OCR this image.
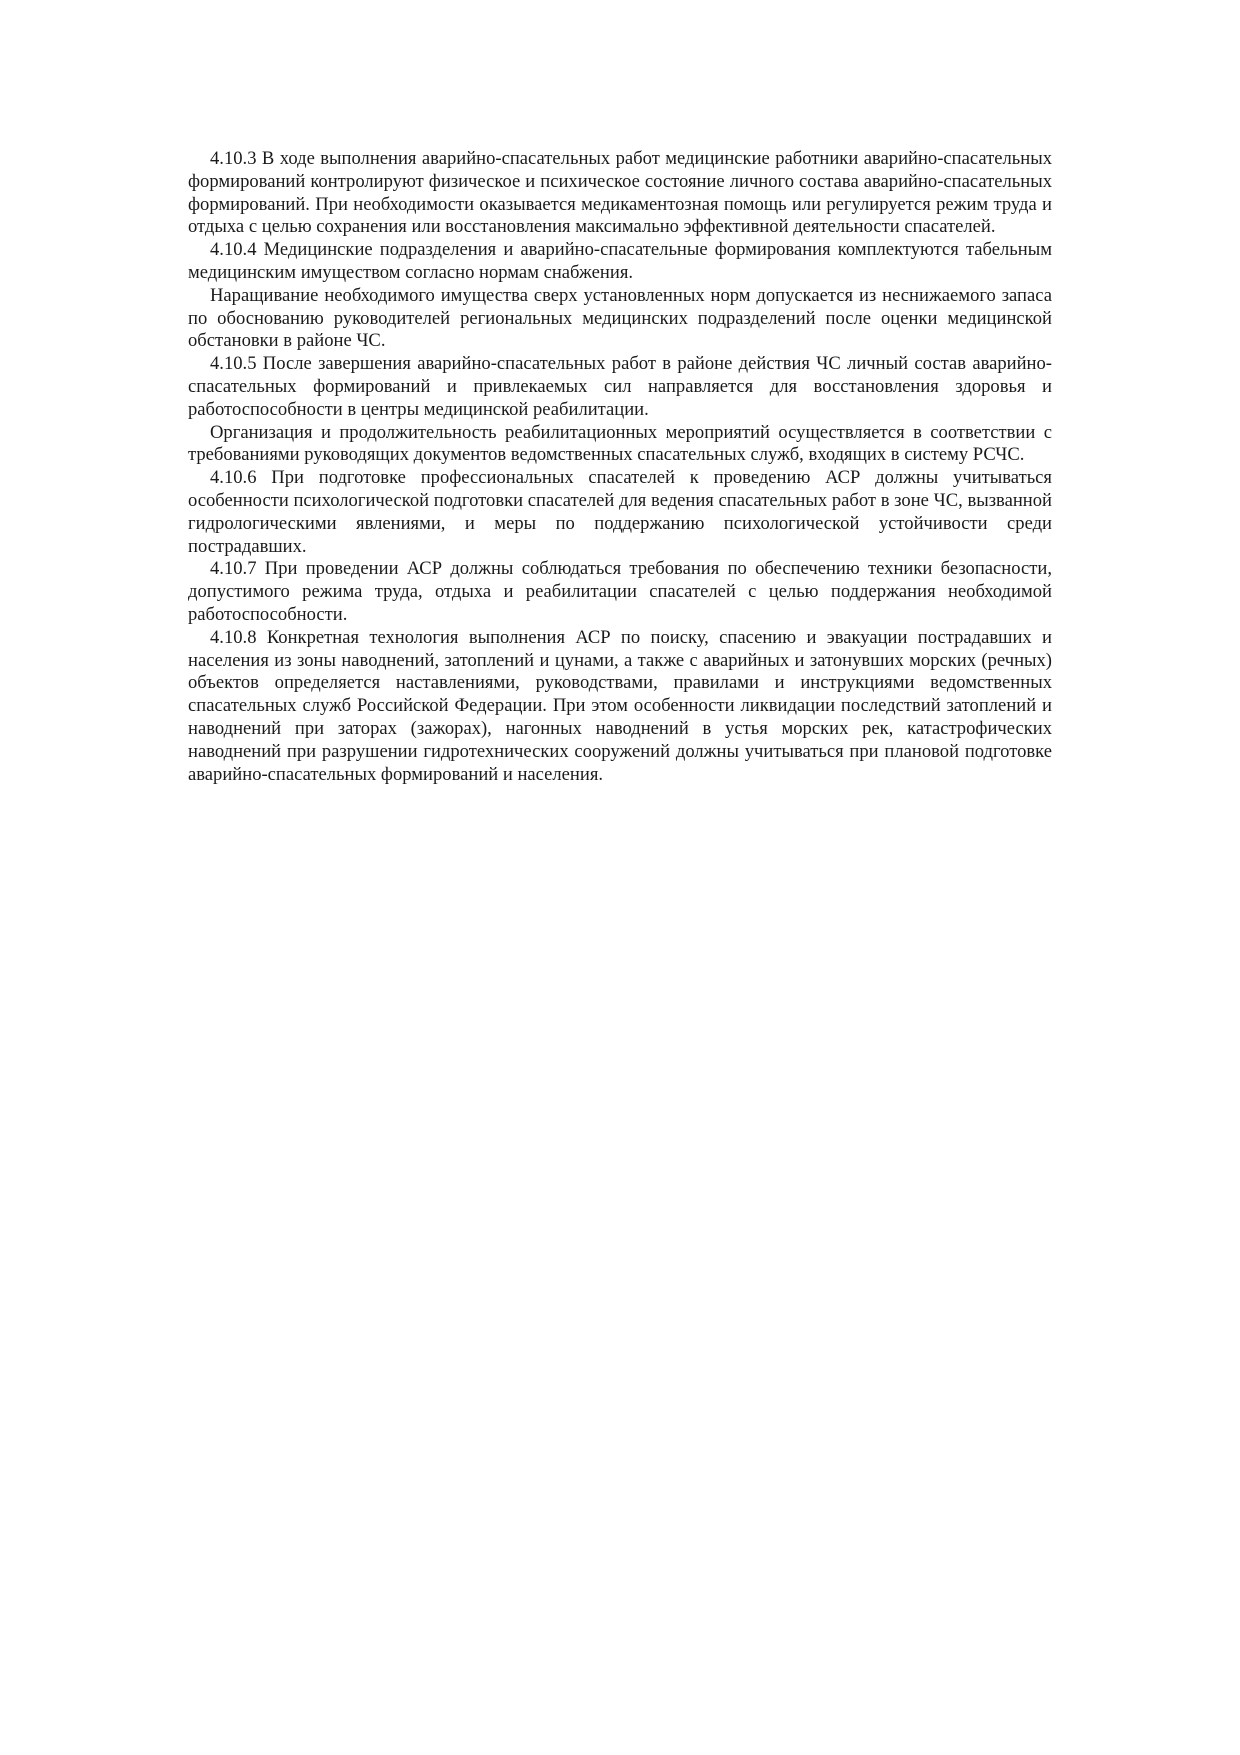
4.10.3 В ходе выполнения аварийно-спасательных работ медицинские работники аварийно-спасательных формирований контролируют физическое и психическое состояние личного состава аварийно-спасательных формирований. При необходимости оказывается медикаментозная помощь или регулируется режим труда и отдыха с целью сохранения или восстановления максимально эффективной деятельности спасателей.

4.10.4 Медицинские подразделения и аварийно-спасательные формирования комплектуются табельным медицинским имуществом согласно нормам снабжения.

Наращивание необходимого имущества сверх установленных норм допускается из неснижаемого запаса по обоснованию руководителей региональных медицинских подразделений после оценки медицинской обстановки в районе ЧС.

4.10.5 После завершения аварийно-спасательных работ в районе действия ЧС личный состав аварийно-спасательных формирований и привлекаемых сил направляется для восстановления здоровья и работоспособности в центры медицинской реабилитации.

Организация и продолжительность реабилитационных мероприятий осуществляется в соответствии с требованиями руководящих документов ведомственных спасательных служб, входящих в систему РСЧС.

4.10.6 При подготовке профессиональных спасателей к проведению АСР должны учитываться особенности психологической подготовки спасателей для ведения спасательных работ в зоне ЧС, вызванной гидрологическими явлениями, и меры по поддержанию психологической устойчивости среди пострадавших.

4.10.7 При проведении АСР должны соблюдаться требования по обеспечению техники безопасности, допустимого режима труда, отдыха и реабилитации спасателей с целью поддержания необходимой работоспособности.

4.10.8 Конкретная технология выполнения АСР по поиску, спасению и эвакуации пострадавших и населения из зоны наводнений, затоплений и цунами, а также с аварийных и затонувших морских (речных) объектов определяется наставлениями, руководствами, правилами и инструкциями ведомственных спасательных служб Российской Федерации. При этом особенности ликвидации последствий затоплений и наводнений при заторах (зажорах), нагонных наводнений в устья морских рек, катастрофических наводнений при разрушении гидротехнических сооружений должны учитываться при плановой подготовке аварийно-спасательных формирований и населения.
